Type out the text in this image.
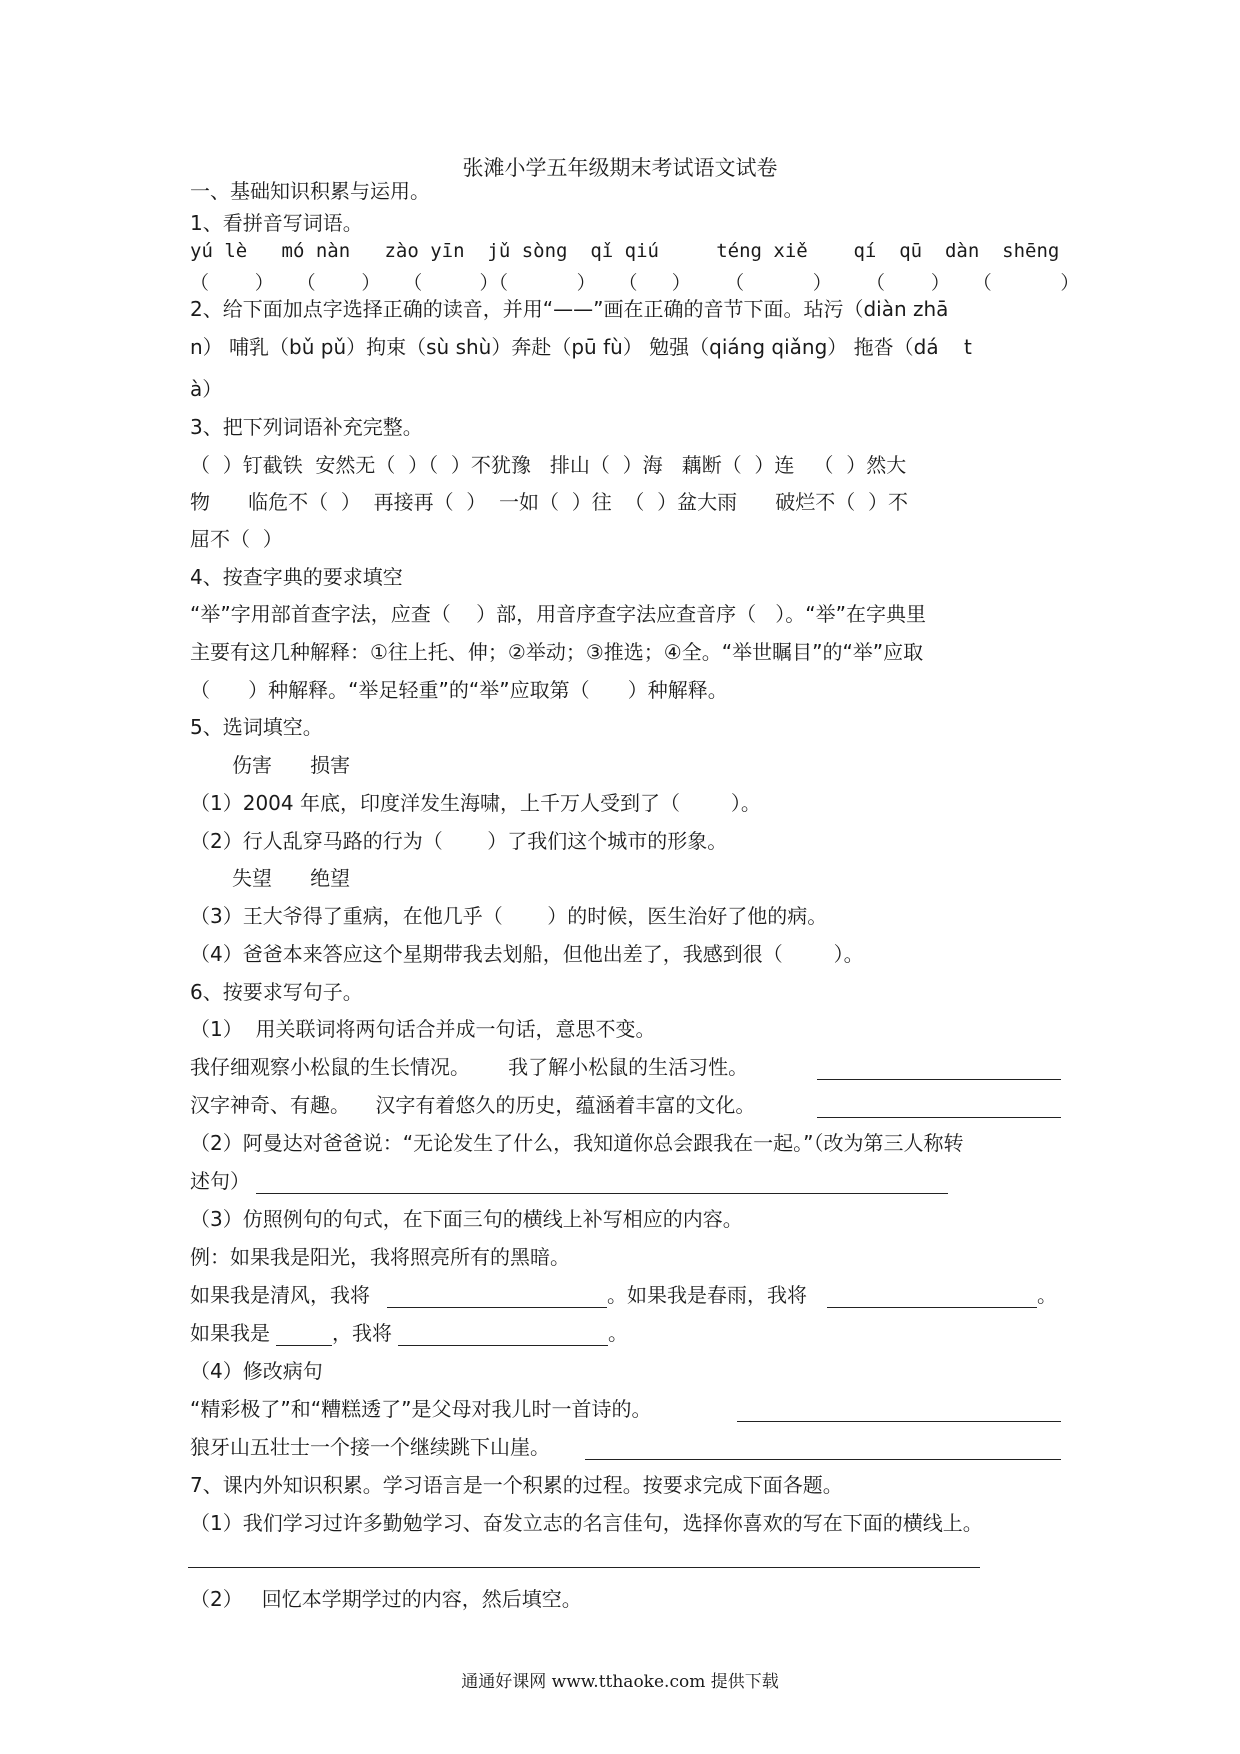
张滩小学五年级期末考试语文试卷
一、基础知识积累与运用。
1、看拼音写词语。
yú lè   mó nàn   zào yīn  jǔ sòng  qǐ qiú     téng xiě    qí  qū  dàn  shēng
（    ）  （    ）  （     ）（      ）  （   ）   （      ）   （    ）  （      ）
2、给下面加点字选择正确的读音，并用“——”画在正确的音节下面。玷污（diàn zhā
n） 哺乳（bǔ pǔ）拘束（sù shù）奔赴（pū fù） 勉强（qiáng qiǎng） 拖沓（dá    t
à）
3、把下列词语补充完整。
（  ）钉截铁  安然无（  ）（  ）不犹豫   排山（  ）海   藕断（  ）连   （  ）然大
物      临危不（  ）  再接再（  ）  一如（  ）往  （  ）盆大雨      破烂不（  ）不
屈不（  ）
4、按查字典的要求填空
“举”字用部首查字法，应查（    ）部，用音序查字法应查音序（   ）。“举”在字典里
主要有这几种解释：①往上托、伸；②举动；③推选；④全。“举世瞩目”的“举”应取
（      ）种解释。“举足轻重”的“举”应取第（      ）种解释。
5、选词填空。
伤害      损害
（1）2004 年底，印度洋发生海啸，上千万人受到了（        ）。
（2）行人乱穿马路的行为（       ）了我们这个城市的形象。
失望      绝望
（3）王大爷得了重病，在他几乎（       ）的时候，医生治好了他的病。
（4）爸爸本来答应这个星期带我去划船，但他出差了，我感到很（        ）。
6、按要求写句子。
（1）  用关联词将两句话合并成一句话，意思不变。
我仔细观察小松鼠的生长情况。      我了解小松鼠的生活习性。
汉字神奇、有趣。    汉字有着悠久的历史，蕴涵着丰富的文化。
（2）阿曼达对爸爸说：“无论发生了什么，我知道你总会跟我在一起。”（改为第三人称转
述句）
（3）仿照例句的句式，在下面三句的横线上补写相应的内容。
例：如果我是阳光，我将照亮所有的黑暗。
如果我是清风，我将	。如果我是春雨，我将	。
如果我是	，我将	。
（4）修改病句
“精彩极了”和“糟糕透了”是父母对我儿时一首诗的。
狼牙山五壮士一个接一个继续跳下山崖。
7、课内外知识积累。学习语言是一个积累的过程。按要求完成下面各题。
（1）我们学习过许多勤勉学习、奋发立志的名言佳句，选择你喜欢的写在下面的横线上。
（2）   回忆本学期学过的内容，然后填空。
通通好课网 www.tthaoke.com 提供下载
